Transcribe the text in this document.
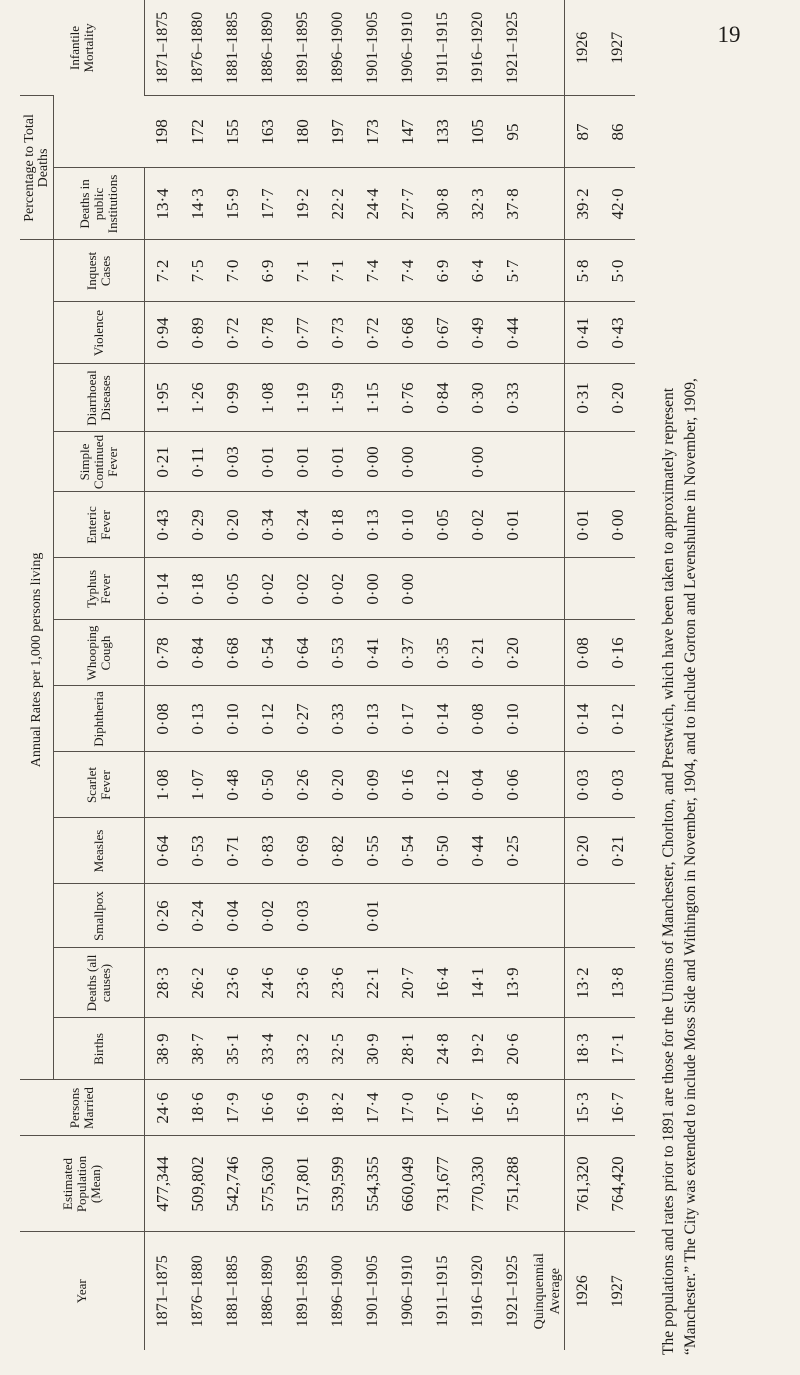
19
Year	Estimated Population (Mean)	Persons Married	Annual Rates per 1,000 persons living													Percentage to Total Deaths		Infantile Mortality	
			Births	Deaths (all causes)	Smallpox	Measles	Scarlet Fever	Diphtheria	Whooping Cough	Typhus Fever	Enteric Fever	Simple Continued Fever	Diarrhoeal Diseases	Violence	Inquest Cases	Deaths in public Institutions			
1871–1875	477,344	24·6	38·9	28·3	0·26	0·64	1·08	0·08	0·78	0·14	0·43	0·21	1·95	0·94	7·2	13·4	198	1871–1875	
1876–1880	509,802	18·6	38·7	26·2	0·24	0·53	1·07	0·13	0·84	0·18	0·29	0·11	1·26	0·89	7·5	14·3	172	1876–1880	
1881–1885	542,746	17·9	35·1	23·6	0·04	0·71	0·48	0·10	0·68	0·05	0·20	0·03	0·99	0·72	7·0	15·9	155	1881–1885	
1886–1890	575,630	16·6	33·4	24·6	0·02	0·83	0·50	0·12	0·54	0·02	0·34	0·01	1·08	0·78	6·9	17·7	163	1886–1890	
1891–1895	517,801	16·9	33·2	23·6	0·03	0·69	0·26	0·27	0·64	0·02	0·24	0·01	1·19	0·77	7·1	19·2	180	1891–1895	
1896–1900	539,599	18·2	32·5	23·6		0·82	0·20	0·33	0·53	0·02	0·18	0·01	1·59	0·73	7·1	22·2	197	1896–1900	
1901–1905	554,355	17·4	30·9	22·1	0·01	0·55	0·09	0·13	0·41	0·00	0·13	0·00	1·15	0·72	7·4	24·4	173	1901–1905	
1906–1910	660,049	17·0	28·1	20·7		0·54	0·16	0·17	0·37	0·00	0·10	0·00	0·76	0·68	7·4	27·7	147	1906–1910	
1911–1915	731,677	17·6	24·8	16·4		0·50	0·12	0·14	0·35		0·05		0·84	0·67	6·9	30·8	133	1911–1915	
1916–1920	770,330	16·7	19·2	14·1		0·44	0·04	0·08	0·21		0·02	0·00	0·30	0·49	6·4	32·3	105	1916–1920	
1921–1925	751,288	15·8	20·6	13·9		0·25	0·06	0·10	0·20		0·01		0·33	0·44	5·7	37·8	95	1921–1925	
Quinquennial Average																			
1926	761,320	15·3	18·3	13·2		0·20	0·03	0·14	0·08		0·01		0·31	0·41	5·8	39·2	87	1926	
1927	764,420	16·7	17·1	13·8		0·21	0·03	0·12	0·16		0·00		0·20	0·43	5·0	42·0	86	1927	

The populations and rates prior to 1891 are those for the Unions of Manchester, Chorlton, and Prestwich, which have been taken to approximately represent “Manchester.” The City was extended to include Moss Side and Withington in November, 1904, and to include Gorton and Levenshulme in November, 1909,
